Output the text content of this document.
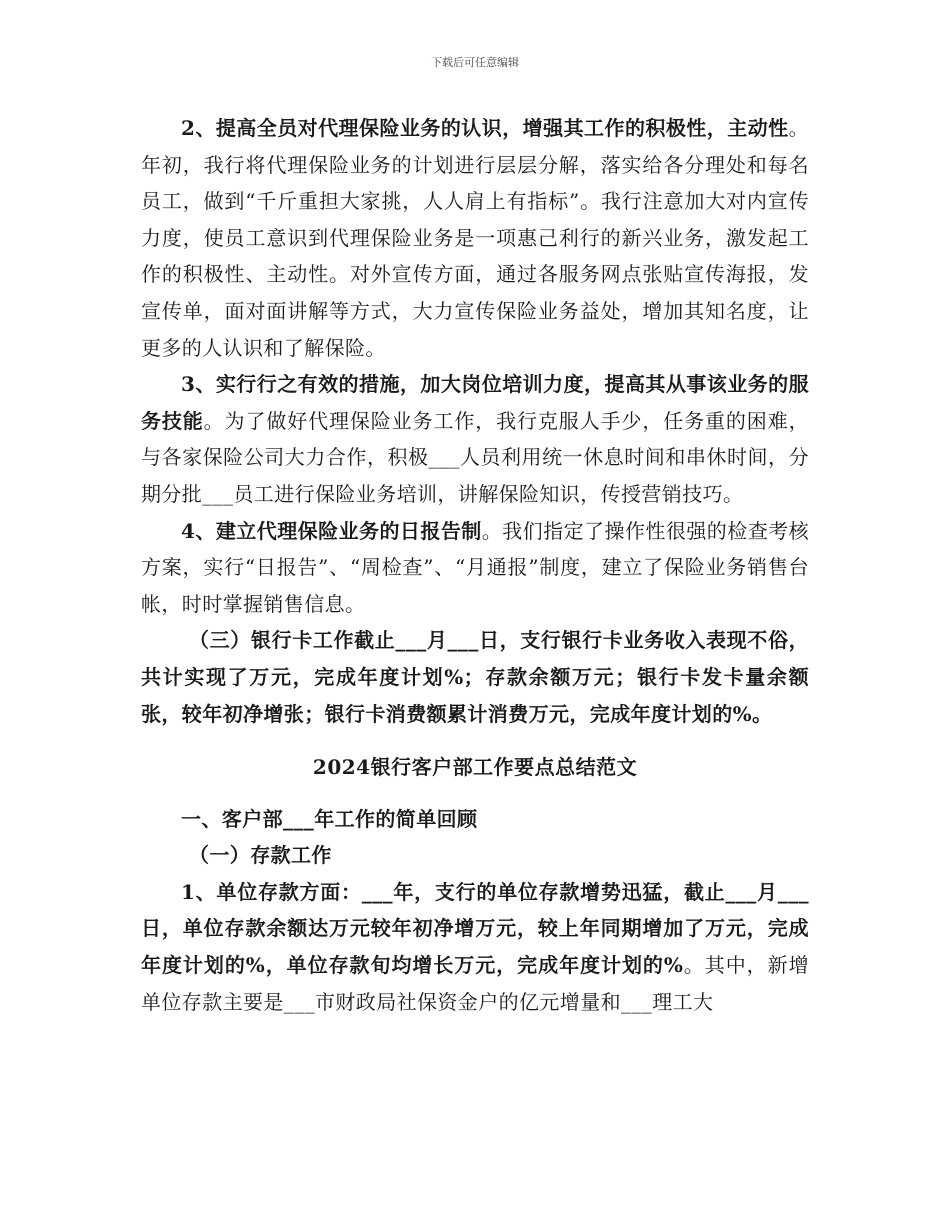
下载后可任意编辑

2、提高全员对代理保险业务的认识，增强其工作的积极性，主动性。年初，我行将代理保险业务的计划进行层层分解，落实给各分理处和每名员工，做到“千斤重担大家挑，人人肩上有指标”。我行注意加大对内宣传力度，使员工意识到代理保险业务是一项惠己利行的新兴业务，激发起工作的积极性、主动性。对外宣传方面，通过各服务网点张贴宣传海报，发宣传单，面对面讲解等方式，大力宣传保险业务益处，增加其知名度，让更多的人认识和了解保险。

3、实行行之有效的措施，加大岗位培训力度，提高其从事该业务的服务技能。为了做好代理保险业务工作，我行克服人手少，任务重的困难，与各家保险公司大力合作，积极___人员利用统一休息时间和串休时间，分期分批___员工进行保险业务培训，讲解保险知识，传授营销技巧。

4、建立代理保险业务的日报告制。我们指定了操作性很强的检查考核方案，实行“日报告”、“周检查”、“月通报”制度，建立了保险业务销售台帐，时时掌握销售信息。

（三）银行卡工作截止___月___日，支行银行卡业务收入表现不俗，共计实现了万元，完成年度计划%；存款余额万元；银行卡发卡量余额张，较年初净增张；银行卡消费额累计消费万元，完成年度计划的%。

2024银行客户部工作要点总结范文

一、客户部___年工作的简单回顾

（一）存款工作

1、单位存款方面：___年，支行的单位存款增势迅猛，截止___月___日，单位存款余额达万元较年初净增万元，较上年同期增加了万元，完成年度计划的%，单位存款旬均增长万元，完成年度计划的%。其中，新增单位存款主要是___市财政局社保资金户的亿元增量和___理工大
